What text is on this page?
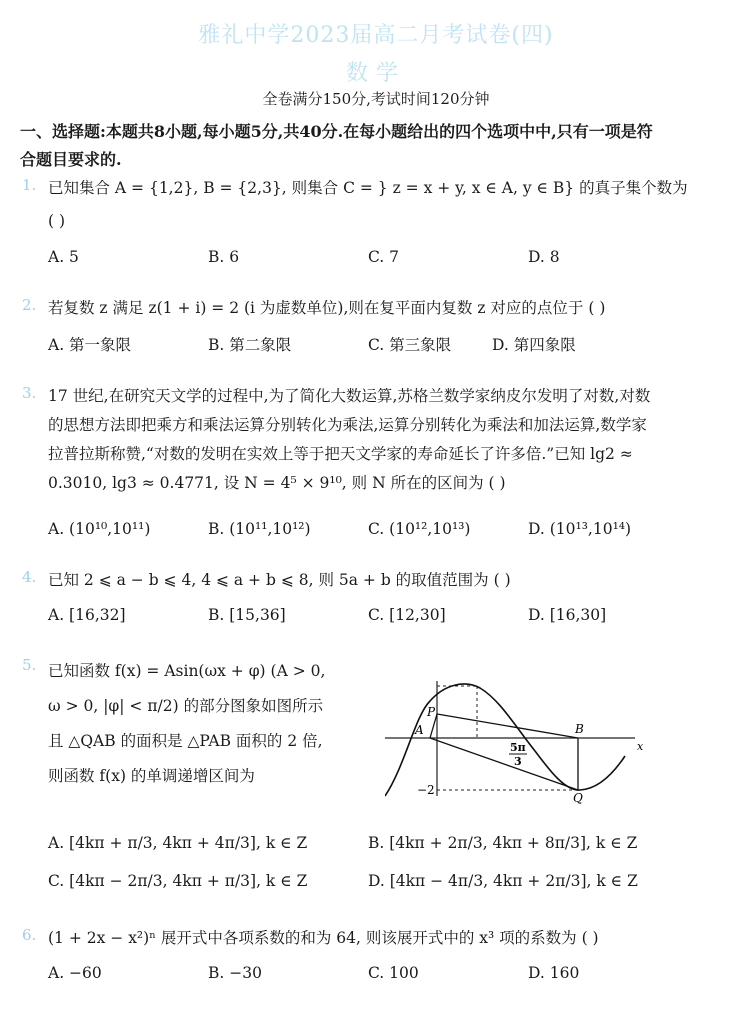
雅礼中学2023届高二月考试卷(四)
数学
全卷满分150分,考试时间120分钟
一、选择题:本题共8小题,每小题5分,共40分.在每小题给出的四个选项中中,只有一项是符
合题目要求的.
1. 已知集合 A = {1,2}, B = {2,3}, 则集合 C = } z = x + y, x ∈ A, y ∈ B} 的真子集个数为
( )
A. 5	B. 6	C. 7	D. 8
2. 若复数 z 满足 z(1 + i) = 2 (i 为虚数单位),则在复平面内复数 z 对应的点位于 ( )
A. 第一象限	B. 第二象限	C. 第三象限	D. 第四象限
3. 17 世纪,在研究天文学的过程中,为了简化大数运算,苏格兰数学家纳皮尔发明了对数,对数
的思想方法即把乘方和乘法运算分别转化为乘法,运算分别转化为乘法和加法运算,数学家
拉普拉斯称赞,“对数的发明在实效上等于把天文学家的寿命延长了许多倍.”已知 lg2 ≈
0.3010, lg3 ≈ 0.4771, 设 N = 4⁵ × 9¹⁰, 则 N 所在的区间为 ( )
A. (10¹⁰,10¹¹)	B. (10¹¹,10¹²)	C. (10¹²,10¹³)	D. (10¹³,10¹⁴)
4. 已知 2 ⩽ a − b ⩽ 4, 4 ⩽ a + b ⩽ 8, 则 5a + b 的取值范围为 ( )
A. [16,32]	B. [15,36]	C. [12,30]	D. [16,30]
5. 已知函数 f(x) = Asin(ωx + φ) (A > 0,
ω > 0, |φ| < π/2) 的部分图象如图所示
且 △QAB 的面积是 △PAB 面积的 2 倍,
则函数 f(x) 的单调递增区间为
A. [4kπ + π/3, 4kπ + 4π/3], k ∈ Z	B. [4kπ + 2π/3, 4kπ + 8π/3], k ∈ Z
C. [4kπ − 2π/3, 4kπ + π/3], k ∈ Z	D. [4kπ − 4π/3, 4kπ + 2π/3], k ∈ Z
x
P
A	B
Q
5π
3
−2
6. (1 + 2x − x²)ⁿ 展开式中各项系数的和为 64, 则该展开式中的 x³ 项的系数为 ( )
A. −60	B. −30	C. 100	D. 160
